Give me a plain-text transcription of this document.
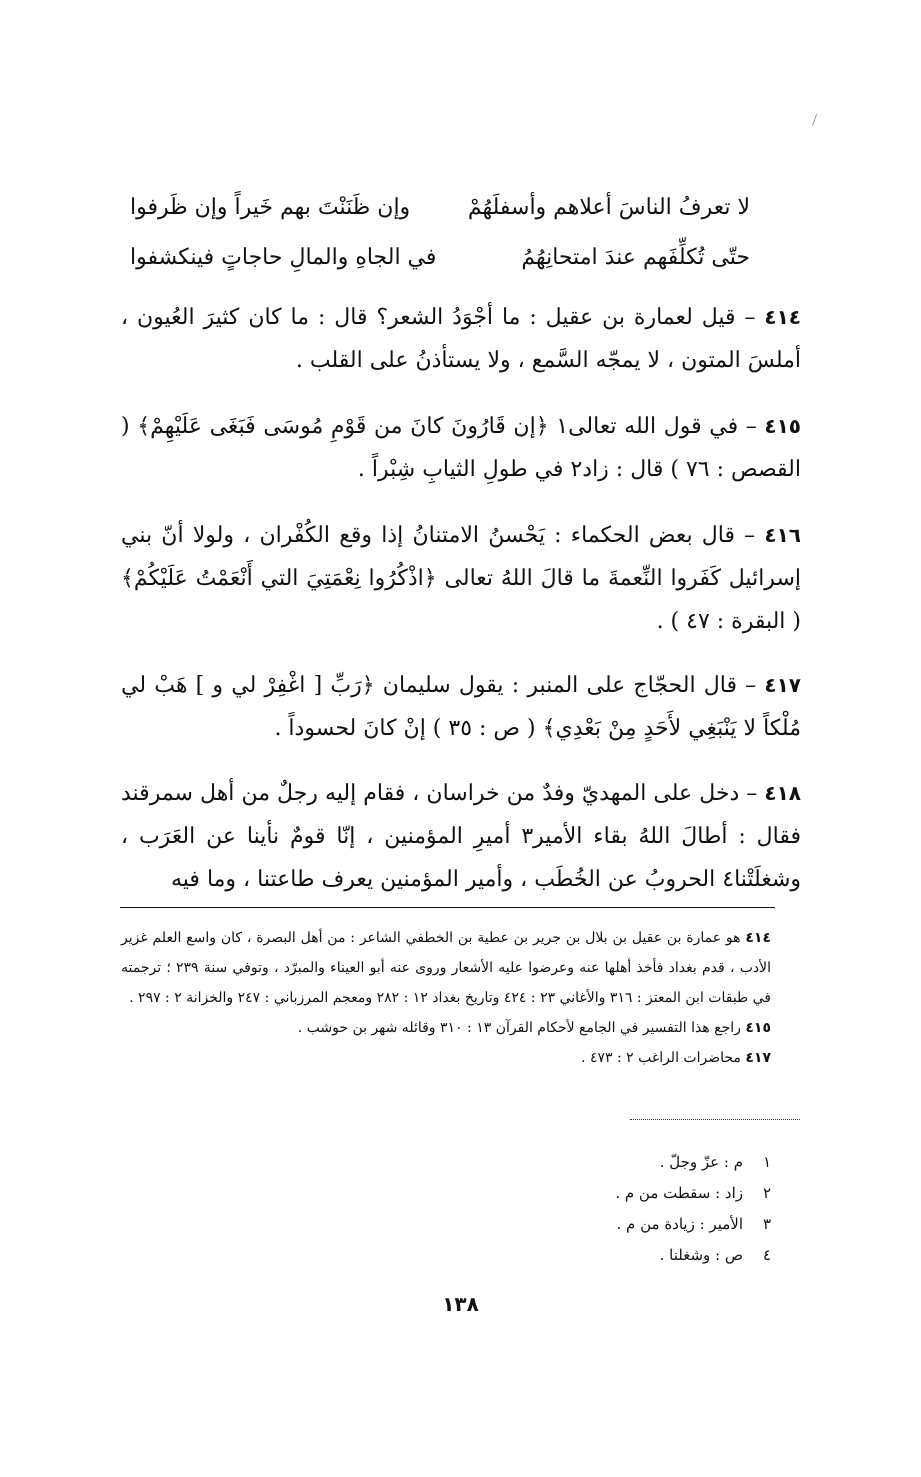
لا تعرفُ الناسَ أعلاهم وأسفلَهُمْ
وإن ظَنَنْتَ بهم خَيراً وإن ظَرفوا
حتّى تُكلِّفَهم عندَ امتحانِهُمُ
في الجاهِ والمالِ حاجاتٍ فينكشفوا
٤١٤ – قيل لعمارة بن عقيل : ما أجْوَدُ الشعر؟ قال : ما كان كثيرَ العُيون ، أملسَ المتون ، لا يمجّه السَّمع ، ولا يستأذنُ على القلب .
٤١٥ – في قول الله تعالى١ ﴿إن قَارُونَ كانَ من قَوْمِ مُوسَى فَبَغَى عَلَيْهِمْ﴾ ( القصص : ٧٦ ) قال : زاد٢ في طولِ الثيابِ شِبْراً .
٤١٦ – قال بعض الحكماء : يَحْسنُ الامتنانُ إذا وقع الكُفْران ، ولولا أنّ بني إسرائيل كَفَروا النِّعمةَ ما قالَ اللهُ تعالى ﴿اذْكُرُوا نِعْمَتِيَ التي أَنْعَمْتُ عَلَيْكُمْ﴾ ( البقرة : ٤٧ ) .
٤١٧ – قال الحجّاج على المنبر : يقول سليمان ﴿رَبِّ [ اغْفِرْ لي و ] هَبْ لي مُلْكاً لا يَنْبَغِي لأَحَدٍ مِنْ بَعْدِي﴾ ( ص : ٣٥ ) إنْ كانَ لحسوداً .
٤١٨ – دخل على المهديّ وفدٌ من خراسان ، فقام إليه رجلٌ من أهل سمرقند فقال : أطالَ اللهُ بقاء الأمير٣ أميرِ المؤمنين ، إنّا قومٌ نأينا عن العَرَب ، وشغلَتْنا٤ الحروبُ عن الخُطَب ، وأمير المؤمنين يعرف طاعتنا ، وما فيه

٤١٤ هو عمارة بن عقيل بن بلال بن جرير بن عطية بن الخطفي الشاعر : من أهل البصرة ، كان واسع العلم غزير الأدب ، قدم بغداد فأخذ أهلها عنه وعرضوا عليه الأشعار وروى عنه أبو العيناء والمبرّد ، وتوفي سنة ٢٣٩ ؛ ترجمته في طبقات ابن المعتز : ٣١٦ والأغاني ٢٣ : ٤٢٤ وتاريخ بغداد ١٢ : ٢٨٢ ومعجم المرزباني : ٢٤٧ والخزانة ٢ : ٢٩٧ .

٤١٥ راجع هذا التفسير في الجامع لأحكام القرآن ١٣ : ٣١٠ وقائله شهر بن حوشب .

٤١٧ محاضرات الراغب ٢ : ٤٧٣ .

١م : عزّ وجلّ .
٢زاد : سقطت من م .
٣الأمير : زيادة من م .
٤ص : وشغلنا .
١٣٨
